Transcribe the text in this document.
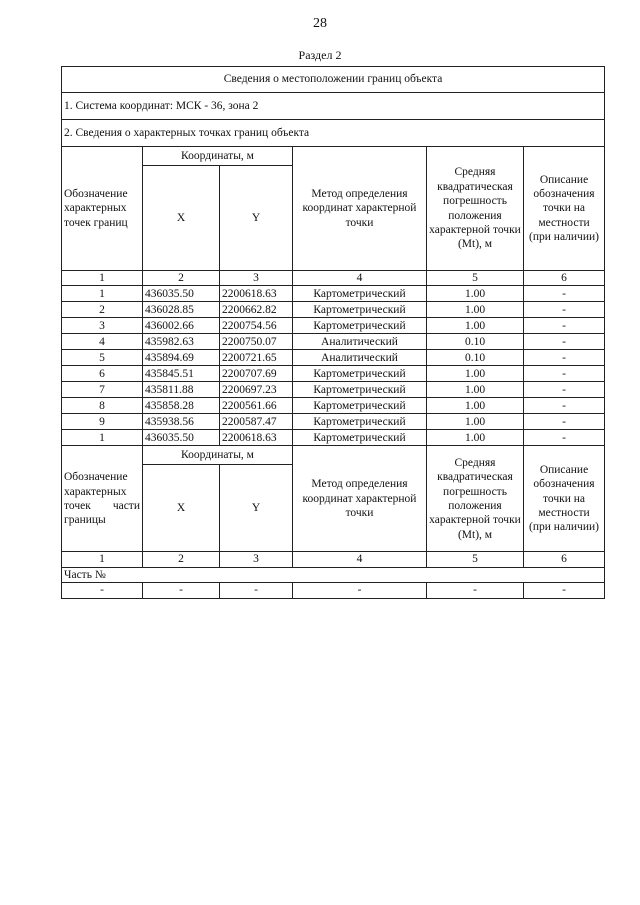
28
Раздел 2
Сведения о местоположении границ объекта					
1. Система координат: МСК - 36, зона 2					
2. Сведения о характерных точках границ объекта					
Обозначение характерных точек границ	Координаты, м		Метод определения координат характерной точки	Средняя квадратическая погрешность положения характерной точки (Mt), м	Описание обозначения точки на местности (при наличии)
	X	Y			
1	2	3	4	5	6
1	436035.50	2200618.63	Картометрический	1.00	-
2	436028.85	2200662.82	Картометрический	1.00	-
3	436002.66	2200754.56	Картометрический	1.00	-
4	435982.63	2200750.07	Аналитический	0.10	-
5	435894.69	2200721.65	Аналитический	0.10	-
6	435845.51	2200707.69	Картометрический	1.00	-
7	435811.88	2200697.23	Картометрический	1.00	-
8	435858.28	2200561.66	Картометрический	1.00	-
9	435938.56	2200587.47	Картометрический	1.00	-
1	436035.50	2200618.63	Картометрический	1.00	-
Обозначение характерных точек части границы	Координаты, м		Метод определения координат характерной точки	Средняя квадратическая погрешность положения характерной точки (Mt), м	Описание обозначения точки на местности (при наличии)
	X	Y			
1	2	3	4	5	6
Часть №					
-	-	-	-	-	-
